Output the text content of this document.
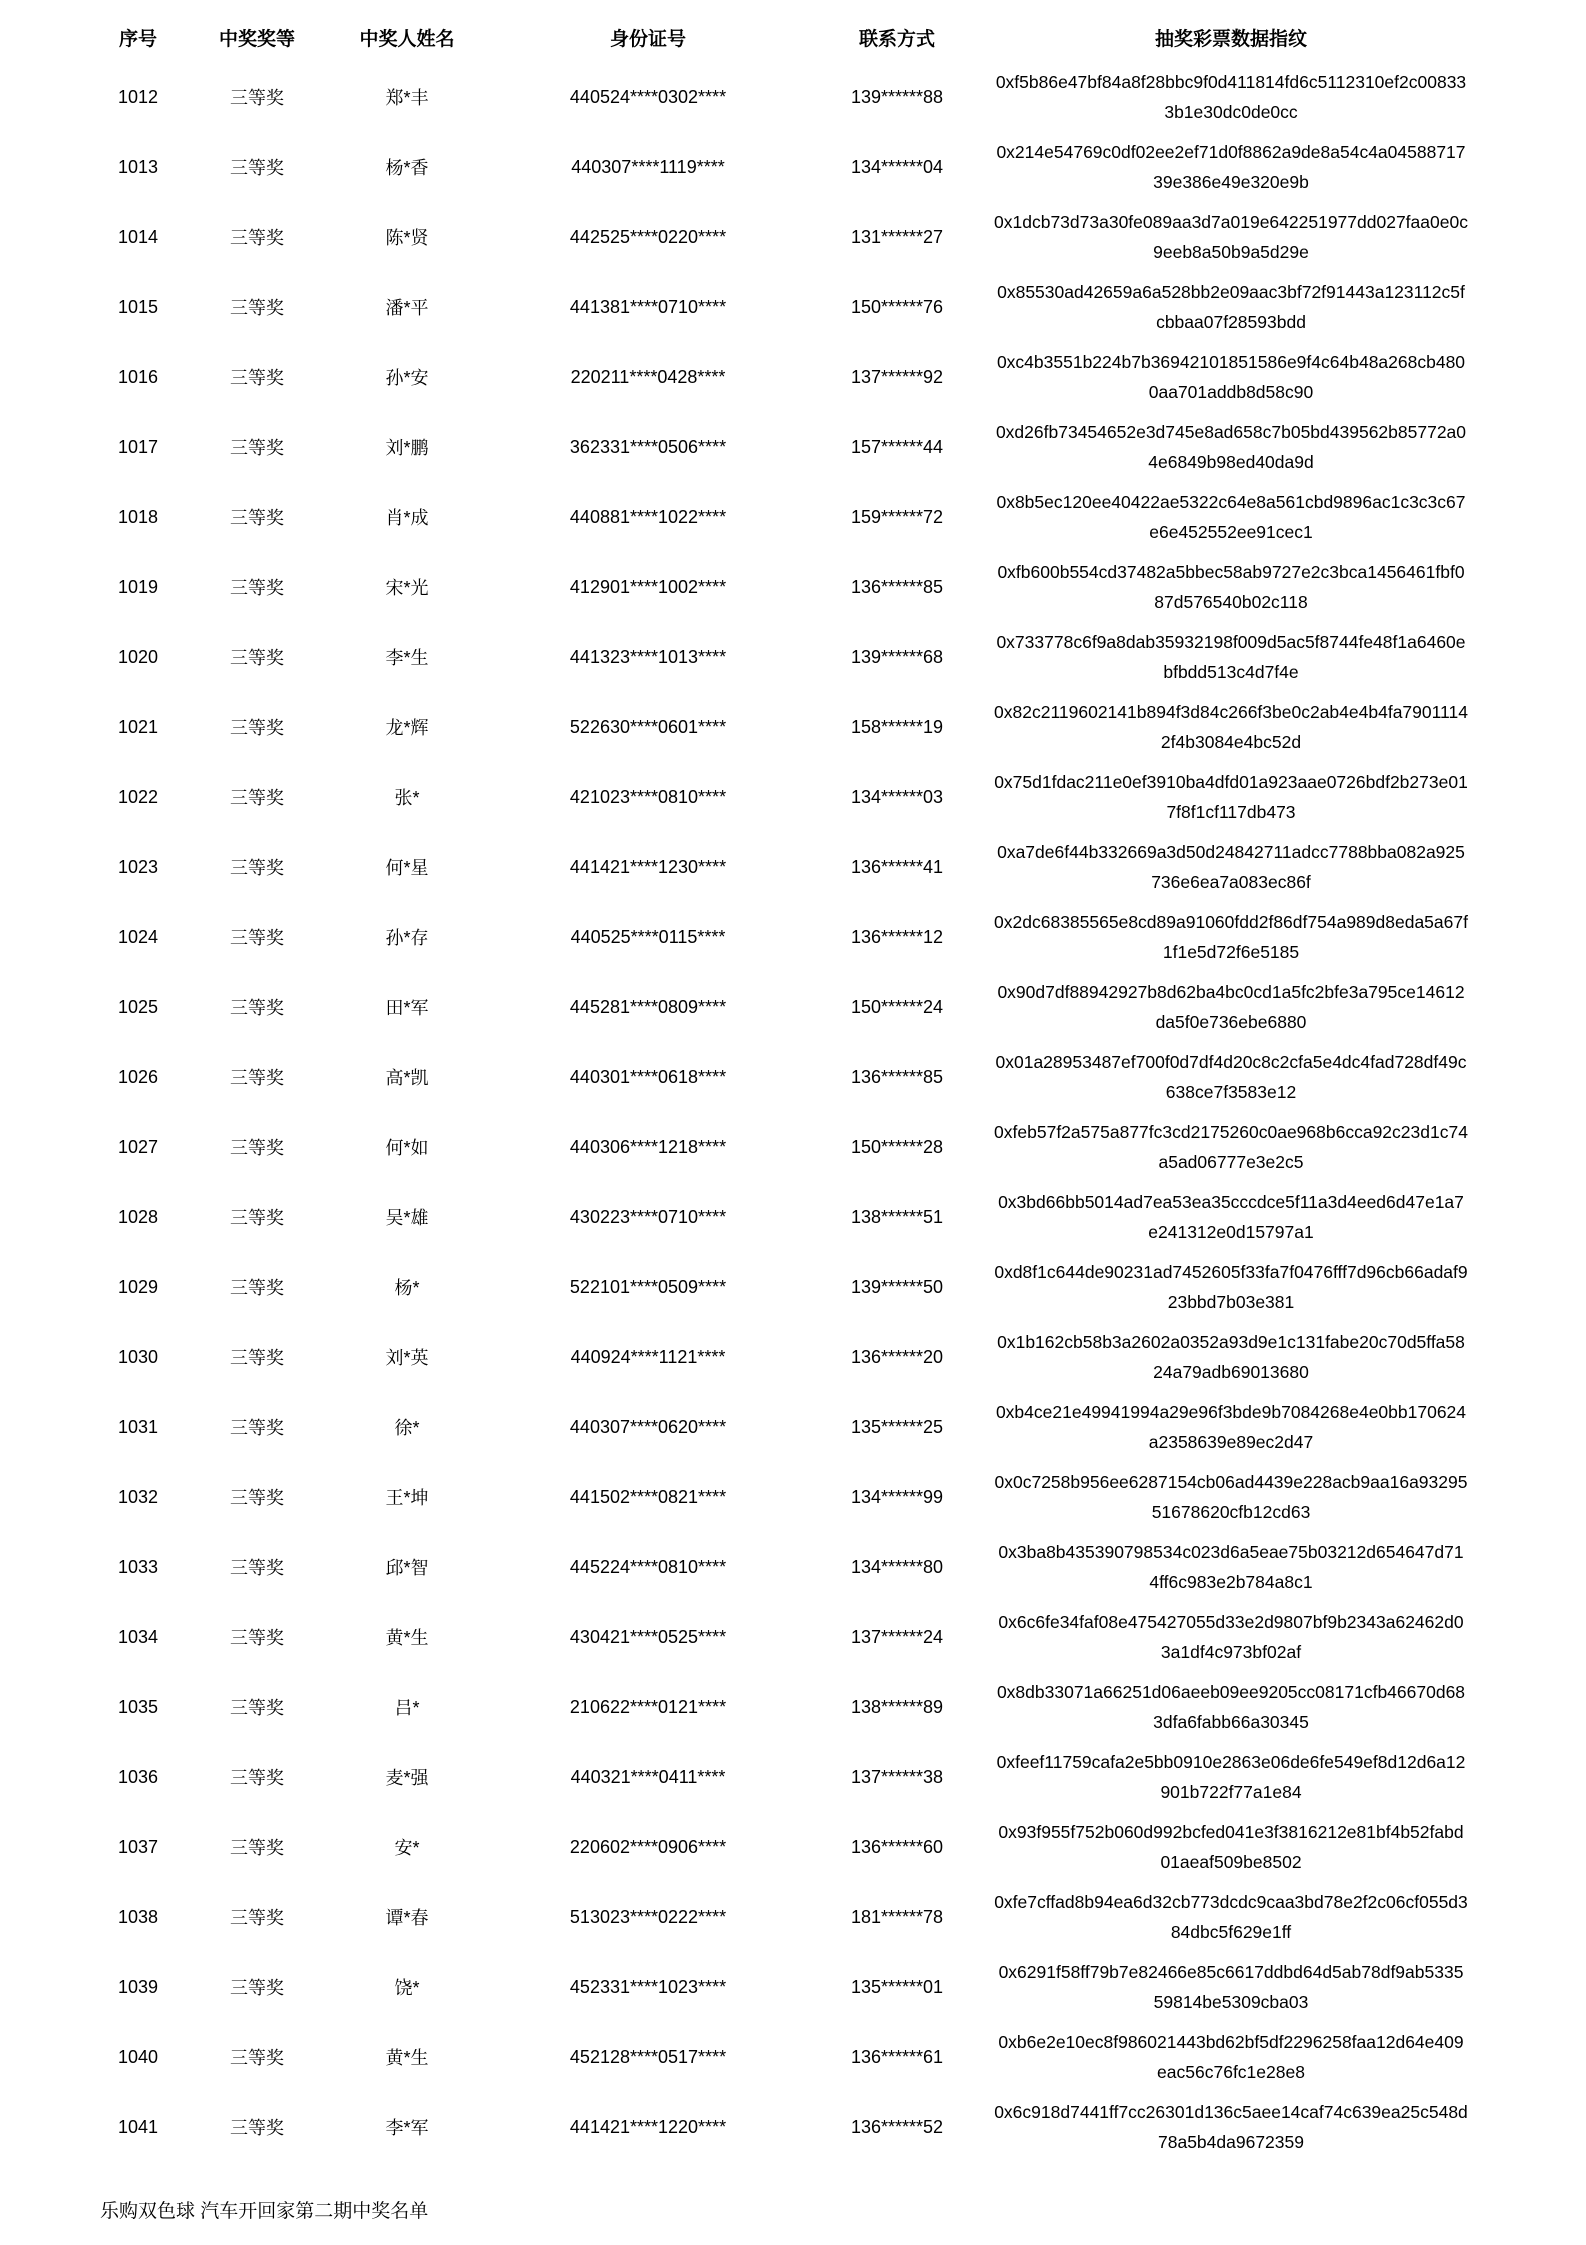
序号	中奖奖等	中奖人姓名	身份证号	联系方式	抽奖彩票数据指纹
1012	三等奖	郑*丰	440524****0302****	139******88	0xf5b86e47bf84a8f28bbc9f0d411814fd6c5112310ef2c008333b1e30dc0de0cc

1013	三等奖	杨*香	440307****1119****	134******04	0x214e54769c0df02ee2ef71d0f8862a9de8a54c4a0458871739e386e49e320e9b

1014	三等奖	陈*贤	442525****0220****	131******27	0x1dcb73d73a30fe089aa3d7a019e642251977dd027faa0e0c9eeb8a50b9a5d29e

1015	三等奖	潘*平	441381****0710****	150******76	0x85530ad42659a6a528bb2e09aac3bf72f91443a123112c5fcbbaa07f28593bdd

1016	三等奖	孙*安	220211****0428****	137******92	0xc4b3551b224b7b36942101851586e9f4c64b48a268cb4800aa701addb8d58c90

1017	三等奖	刘*鹏	362331****0506****	157******44	0xd26fb73454652e3d745e8ad658c7b05bd439562b85772a04e6849b98ed40da9d

1018	三等奖	肖*成	440881****1022****	159******72	0x8b5ec120ee40422ae5322c64e8a561cbd9896ac1c3c3c67e6e452552ee91cec1

1019	三等奖	宋*光	412901****1002****	136******85	0xfb600b554cd37482a5bbec58ab9727e2c3bca1456461fbf087d576540b02c118

1020	三等奖	李*生	441323****1013****	139******68	0x733778c6f9a8dab35932198f009d5ac5f8744fe48f1a6460ebfbdd513c4d7f4e

1021	三等奖	龙*辉	522630****0601****	158******19	0x82c2119602141b894f3d84c266f3be0c2ab4e4b4fa79011142f4b3084e4bc52d

1022	三等奖	张*	421023****0810****	134******03	0x75d1fdac211e0ef3910ba4dfd01a923aae0726bdf2b273e017f8f1cf117db473

1023	三等奖	何*星	441421****1230****	136******41	0xa7de6f44b332669a3d50d24842711adcc7788bba082a925736e6ea7a083ec86f

1024	三等奖	孙*存	440525****0115****	136******12	0x2dc68385565e8cd89a91060fdd2f86df754a989d8eda5a67f1f1e5d72f6e5185

1025	三等奖	田*军	445281****0809****	150******24	0x90d7df88942927b8d62ba4bc0cd1a5fc2bfe3a795ce14612da5f0e736ebe6880

1026	三等奖	高*凯	440301****0618****	136******85	0x01a28953487ef700f0d7df4d20c8c2cfa5e4dc4fad728df49c638ce7f3583e12

1027	三等奖	何*如	440306****1218****	150******28	0xfeb57f2a575a877fc3cd2175260c0ae968b6cca92c23d1c74a5ad06777e3e2c5

1028	三等奖	吴*雄	430223****0710****	138******51	0x3bd66bb5014ad7ea53ea35cccdce5f11a3d4eed6d47e1a7e241312e0d15797a1

1029	三等奖	杨*	522101****0509****	139******50	0xd8f1c644de90231ad7452605f33fa7f0476fff7d96cb66adaf923bbd7b03e381

1030	三等奖	刘*英	440924****1121****	136******20	0x1b162cb58b3a2602a0352a93d9e1c131fabe20c70d5ffa5824a79adb69013680

1031	三等奖	徐*	440307****0620****	135******25	0xb4ce21e49941994a29e96f3bde9b7084268e4e0bb170624a2358639e89ec2d47

1032	三等奖	王*坤	441502****0821****	134******99	0x0c7258b956ee6287154cb06ad4439e228acb9aa16a9329551678620cfb12cd63

1033	三等奖	邱*智	445224****0810****	134******80	0x3ba8b435390798534c023d6a5eae75b03212d654647d714ff6c983e2b784a8c1

1034	三等奖	黄*生	430421****0525****	137******24	0x6c6fe34faf08e475427055d33e2d9807bf9b2343a62462d03a1df4c973bf02af

1035	三等奖	吕*	210622****0121****	138******89	0x8db33071a66251d06aeeb09ee9205cc08171cfb46670d683dfa6fabb66a30345

1036	三等奖	麦*强	440321****0411****	137******38	0xfeef11759cafa2e5bb0910e2863e06de6fe549ef8d12d6a12901b722f77a1e84

1037	三等奖	安*	220602****0906****	136******60	0x93f955f752b060d992bcfed041e3f3816212e81bf4b52fabd01aeaf509be8502

1038	三等奖	谭*春	513023****0222****	181******78	0xfe7cffad8b94ea6d32cb773dcdc9caa3bd78e2f2c06cf055d384dbc5f629e1ff

1039	三等奖	饶*	452331****1023****	135******01	0x6291f58ff79b7e82466e85c6617ddbd64d5ab78df9ab533559814be5309cba03

1040	三等奖	黄*生	452128****0517****	136******61	0xb6e2e10ec8f986021443bd62bf5df2296258faa12d64e409eac56c76fc1e28e8

1041	三等奖	李*军	441421****1220****	136******52	0x6c918d7441ff7cc26301d136c5aee14caf74c639ea25c548d78a5b4da9672359
乐购双色球 汽车开回家第二期中奖名单
